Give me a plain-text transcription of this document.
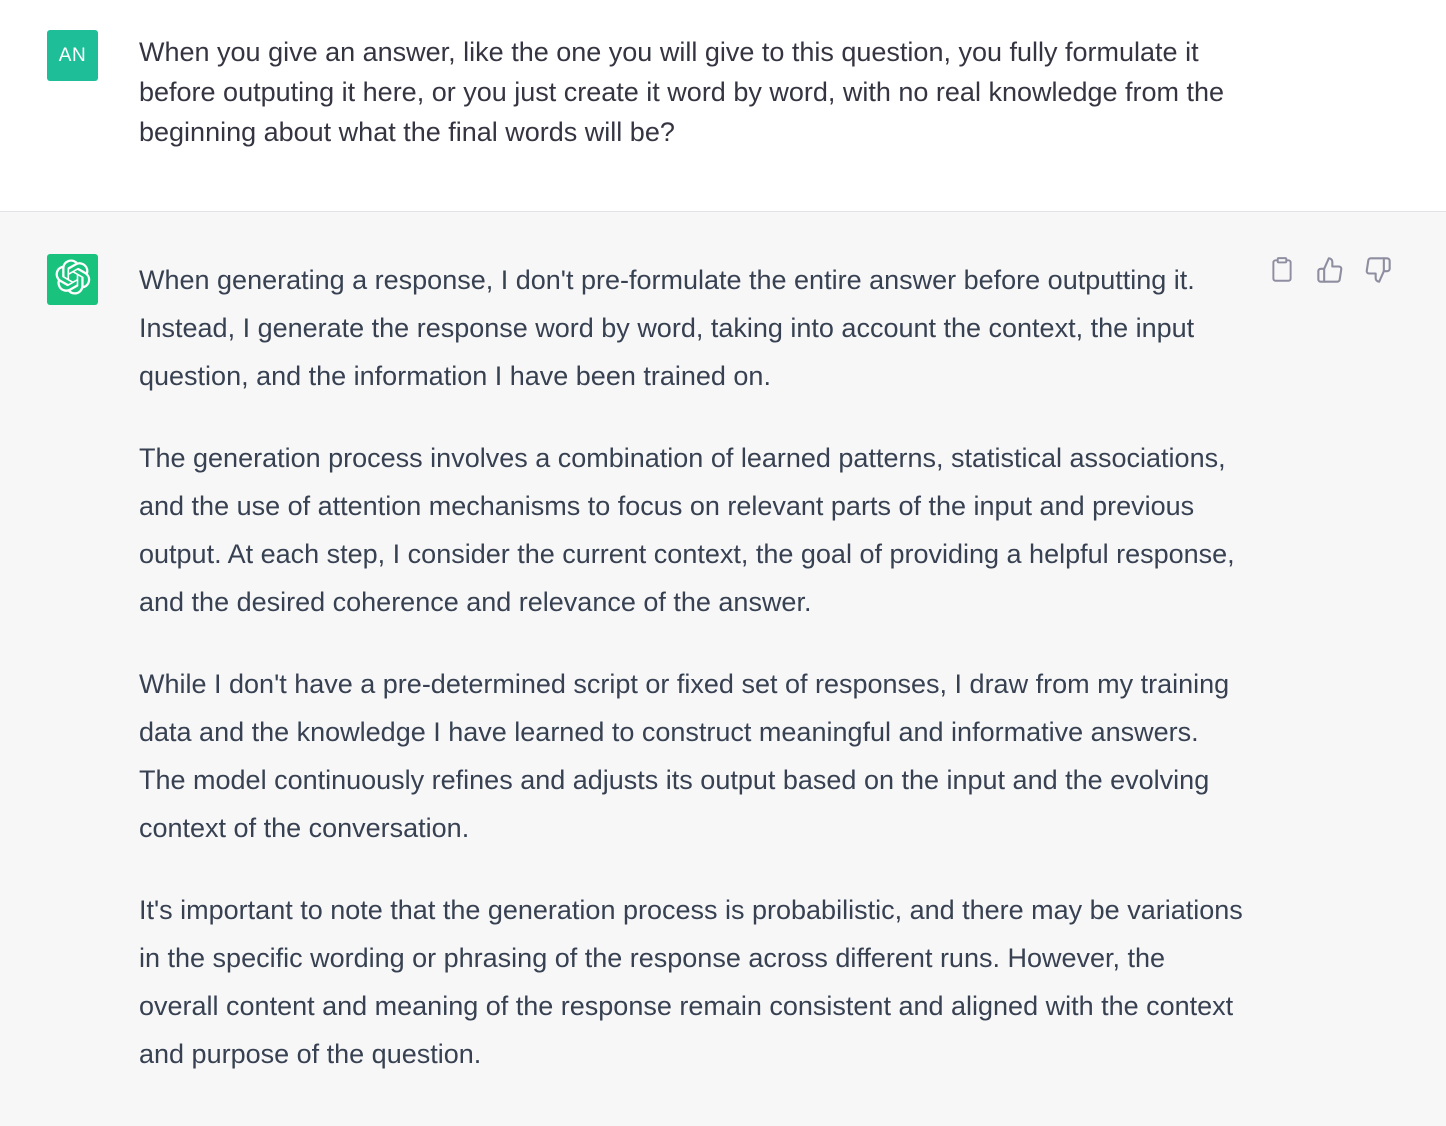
AN When you give an answer, like the one you will give to this question, you fully formulate it before outputing it here, or you just create it word by word, with no real knowledge from the beginning about what the final words will be?

When generating a response, I don't pre-formulate the entire answer before outputting it. Instead, I generate the response word by word, taking into account the context, the input question, and the information I have been trained on.

The generation process involves a combination of learned patterns, statistical associations, and the use of attention mechanisms to focus on relevant parts of the input and previous output. At each step, I consider the current context, the goal of providing a helpful response, and the desired coherence and relevance of the answer.

While I don't have a pre-determined script or fixed set of responses, I draw from my training data and the knowledge I have learned to construct meaningful and informative answers. The model continuously refines and adjusts its output based on the input and the evolving context of the conversation.

It's important to note that the generation process is probabilistic, and there may be variations in the specific wording or phrasing of the response across different runs. However, the overall content and meaning of the response remain consistent and aligned with the context and purpose of the question.
